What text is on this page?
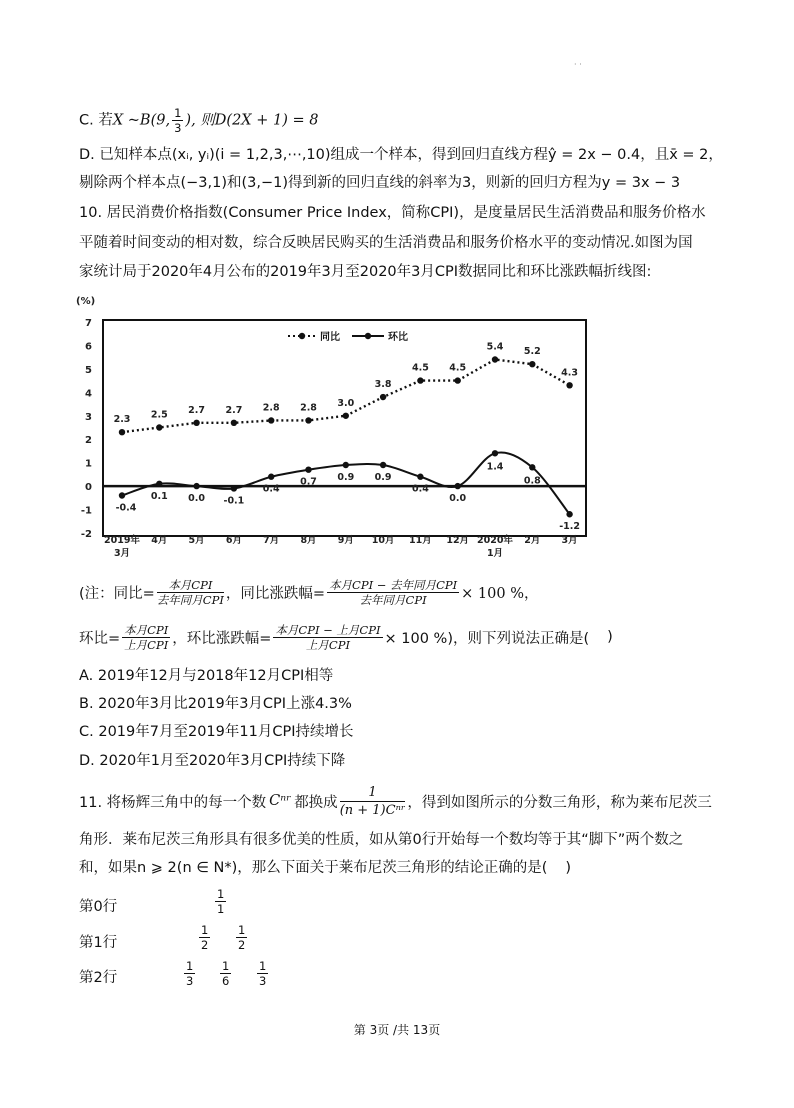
· ·
C. 若X ~B(9, $\frac{1}{3}$ ), 则D(2X + 1) = 8
D. 已知样本点(xᵢ, yᵢ)(i = 1,2,3,⋯,10)组成一个样本，得到回归直线方程ŷ = 2x − 0.4，且x̄ = 2，
剔除两个样本点(−3,1)和(3,−1)得到新的回归直线的斜率为3，则新的回归方程为y = 3x − 3
10. 居民消费价格指数(Consumer Price Index，简称CPI)，是度量居民生活消费品和服务价格水
平随着时间变动的相对数，综合反映居民购买的生活消费品和服务价格水平的变动情况.如图为国
家统计局于2020年4月公布的2019年3月至2020年3月CPI数据同比和环比涨跌幅折线图:
(%)
7
6
5
4
3
2
1
0
-1
-2
2019年
3月
4月 5月 6月 7月 8月 9月 10月 11月 12月 2020年
1月
2月 3月
2.3 2.5 2.7 2.7 2.8 2.8 3.0
3.8
4.5 4.5
5.4 5.2
4.3
-0.4
0.1 0.0 -0.1
0.4
0.7 0.9 0.9
0.4
0.0
1.4
0.8
-1.2
同比	环比
(注：同比= $\frac{\text{本月CPI}}{\text{去年同月CPI}}$ ，同比涨跌幅= $\frac{\text{本月CPI − 去年同月CPI}}{\text{去年同月CPI}} \times 100$ %，
环比= $\frac{\text{本月CPI}}{\text{上月CPI}}$ ，环比涨跌幅= $\frac{\text{本月CPI − 上月CPI}}{\text{上月CPI}} \times 100$ %)，则下列说法正确是( )
A. 2019年12月与2018年12月CPI相等
B. 2020年3月比2019年3月CPI上涨4.3%
C. 2019年7月至2019年11月CPI持续增长
D. 2020年1月至2020年3月CPI持续下降
11. 将杨辉三角中的每一个数 Cⁿʳ 都换成 $\frac{1}{\text{(n + 1)Cⁿʳ}}$ ，得到如图所示的分数三角形，称为莱布尼茨三
角形．莱布尼茨三角形具有很多优美的性质，如从第0行开始每一个数均等于其“脚下”两个数之
和，如果n ⩾ 2(n ∈ N*)，那么下面关于莱布尼茨三角形的结论正确的是( )
第0行	$\frac{1}{1}$
第1行	$\frac{1}{2} \frac{1}{2}$
第2行	$\frac{1}{3} \frac{1}{6} \frac{1}{3}$
第 3页 /共 13页
